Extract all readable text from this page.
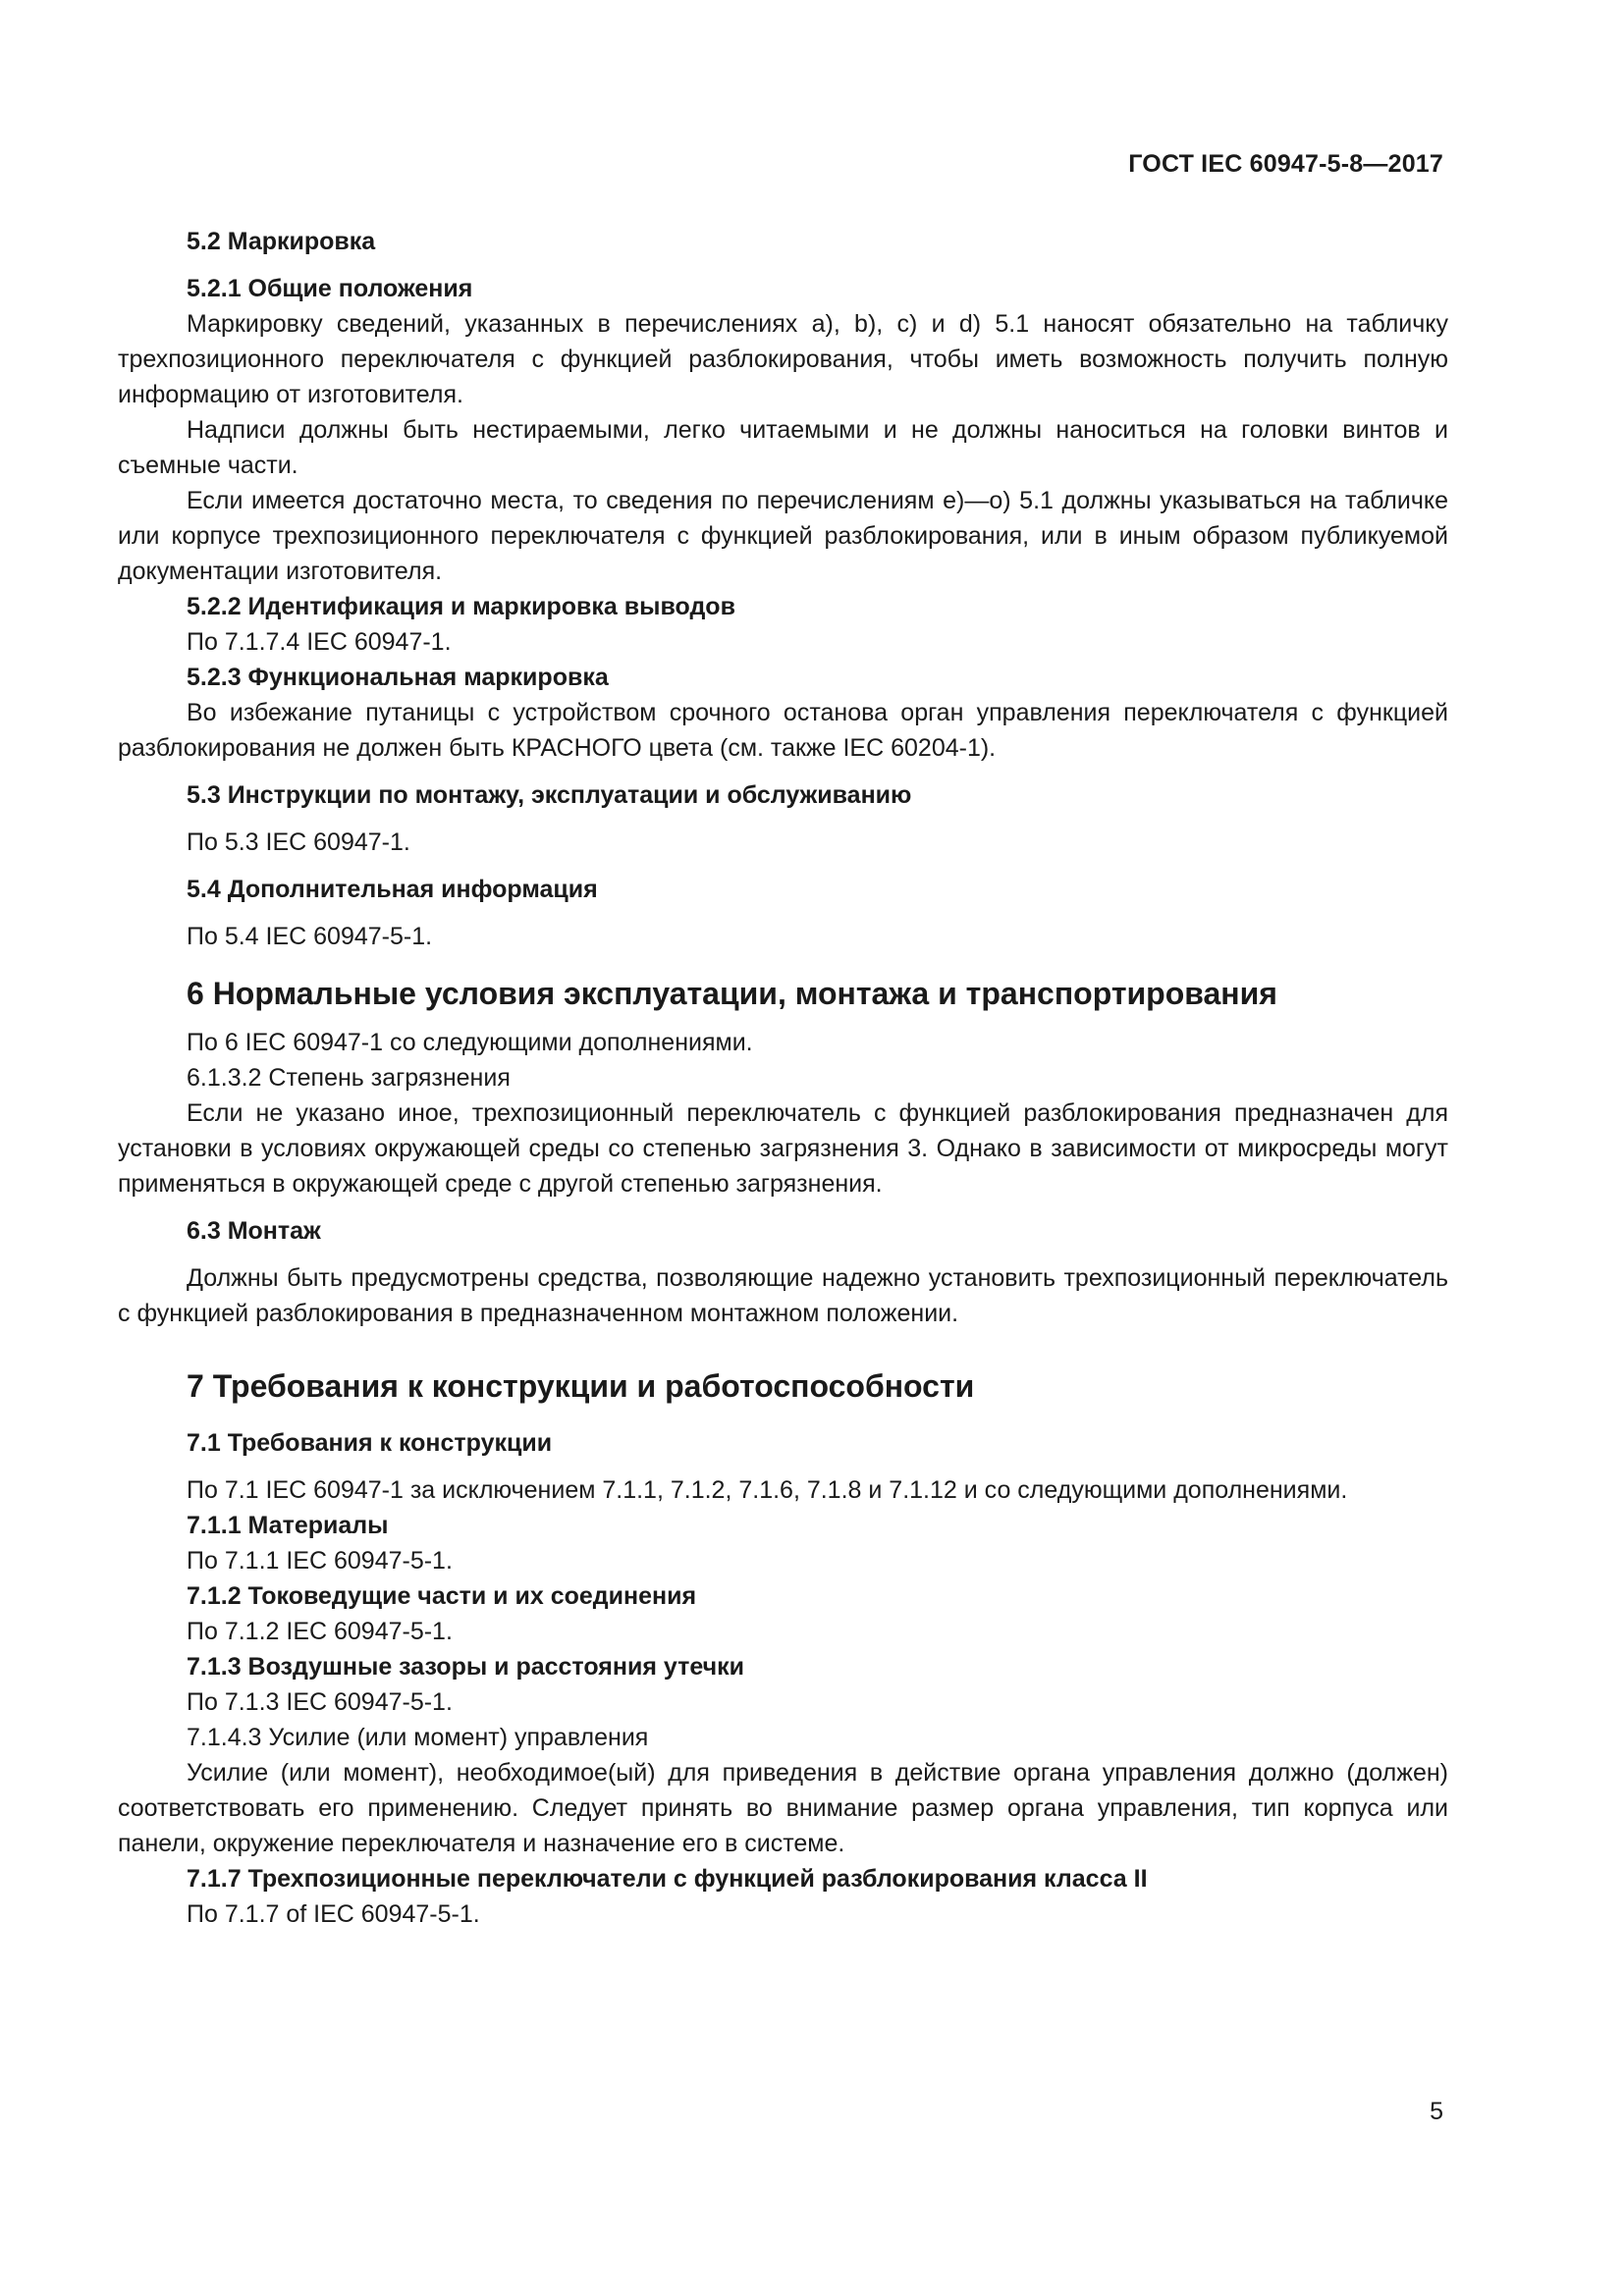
ГОСТ IEC 60947-5-8—2017

5.2 Маркировка

5.2.1 Общие положения

Маркировку сведений, указанных в перечислениях а), b), c) и d) 5.1 наносят обязательно на табличку трехпозиционного переключателя с функцией разблокирования, чтобы иметь возможность получить полную информацию от изготовителя.

Надписи должны быть нестираемыми, легко читаемыми и не должны наноситься на головки винтов и съемные части.

Если имеется достаточно места, то сведения по перечислениям е)—о) 5.1 должны указываться на табличке или корпусе трехпозиционного переключателя с функцией разблокирования, или в иным образом публикуемой документации изготовителя.

5.2.2 Идентификация и маркировка выводов

По 7.1.7.4 IEC 60947-1.

5.2.3 Функциональная маркировка

Во избежание путаницы с устройством срочного останова орган управления переключателя с функцией разблокирования не должен быть КРАСНОГО цвета (см. также IEC 60204-1).

5.3 Инструкции по монтажу, эксплуатации и обслуживанию

По 5.3 IEC 60947-1.

5.4 Дополнительная информация

По 5.4 IEC 60947-5-1.

6 Нормальные условия эксплуатации, монтажа и транспортирования

По 6 IEC 60947-1 со следующими дополнениями.

6.1.3.2 Степень загрязнения

Если не указано иное, трехпозиционный переключатель с функцией разблокирования предназначен для установки в условиях окружающей среды со степенью загрязнения 3. Однако в зависимости от микросреды могут применяться в окружающей среде с другой степенью загрязнения.

6.3 Монтаж

Должны быть предусмотрены средства, позволяющие надежно установить трехпозиционный переключатель с функцией разблокирования в предназначенном монтажном положении.

7 Требования к конструкции и работоспособности

7.1 Требования к конструкции

По 7.1 IEC 60947-1 за исключением 7.1.1, 7.1.2, 7.1.6, 7.1.8 и 7.1.12 и со следующими дополнениями.

7.1.1 Материалы

По 7.1.1 IEC 60947-5-1.

7.1.2 Токоведущие части и их соединения

По 7.1.2 IEC 60947-5-1.

7.1.3 Воздушные зазоры и расстояния утечки

По 7.1.3 IEC 60947-5-1.

7.1.4.3 Усилие (или момент) управления

Усилие (или момент), необходимое(ый) для приведения в действие органа управления должно (должен) соответствовать его применению. Следует принять во внимание размер органа управления, тип корпуса или панели, окружение переключателя и назначение его в системе.

7.1.7 Трехпозиционные переключатели с функцией разблокирования класса II

По 7.1.7 of IEC 60947-5-1.

5
